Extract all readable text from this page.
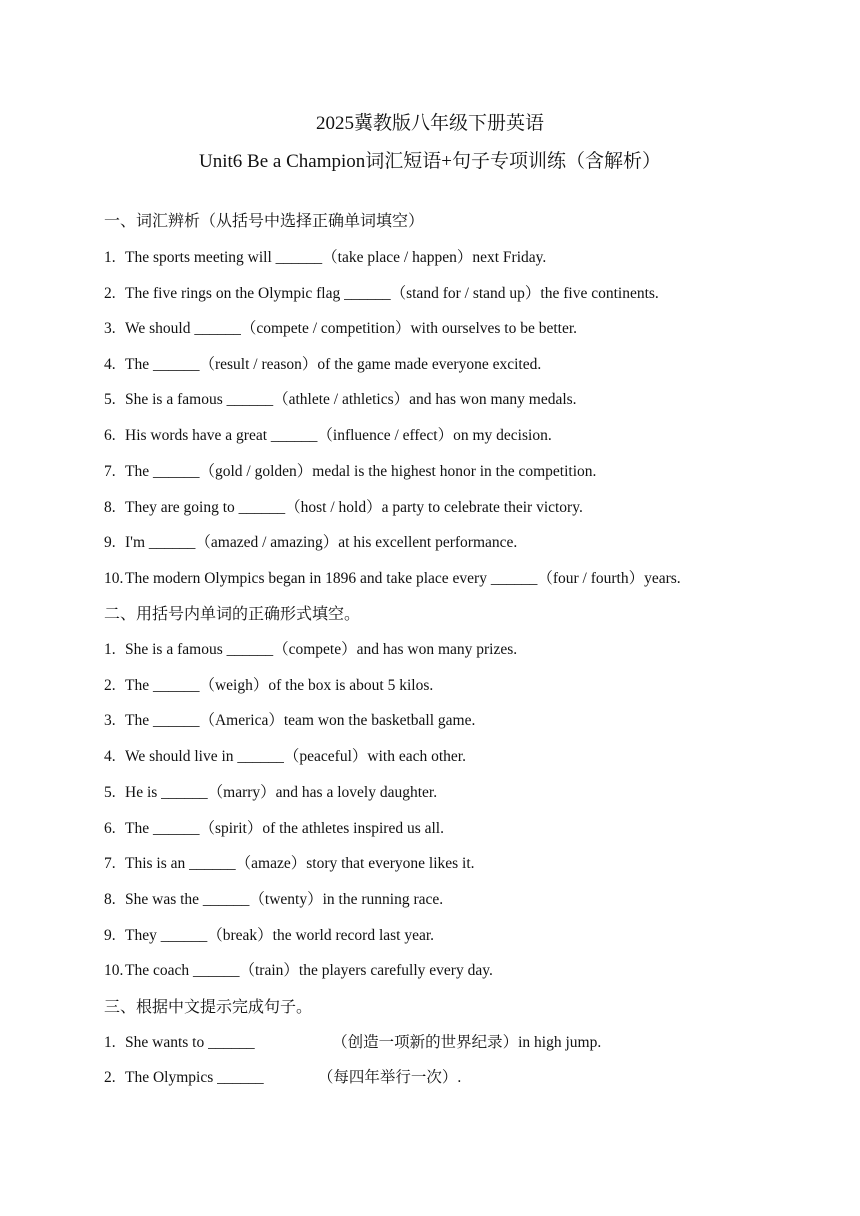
2025冀教版八年级下册英语
Unit6 Be a Champion词汇短语+句子专项训练（含解析）
一、词汇辨析（从括号中选择正确单词填空）
1. The sports meeting will ______（take place / happen）next Friday.
2. The five rings on the Olympic flag ______（stand for / stand up）the five continents.
3. We should ______（compete / competition）with ourselves to be better.
4. The ______（result / reason）of the game made everyone excited.
5. She is a famous ______（athlete / athletics）and has won many medals.
6. His words have a great ______（influence / effect）on my decision.
7. The ______（gold / golden）medal is the highest honor in the competition.
8. They are going to ______（host / hold）a party to celebrate their victory.
9. I'm ______（amazed / amazing）at his excellent performance.
10. The modern Olympics began in 1896 and take place every ______（four / fourth）years.
二、用括号内单词的正确形式填空。
1. She is a famous ______（compete）and has won many prizes.
2. The ______（weigh）of the box is about 5 kilos.
3. The ______（America）team won the basketball game.
4. We should live in ______（peaceful）with each other.
5. He is ______（marry）and has a lovely daughter.
6. The ______（spirit）of the athletes inspired us all.
7. This is an ______（amaze）story that everyone likes it.
8. She was the ______（twenty）in the running race.
9. They ______（break）the world record last year.
10. The coach ______（train）the players carefully every day.
三、根据中文提示完成句子。
1. She wants to ______                    （创造一项新的世界纪录）in high jump.
2. The Olympics ______              （每四年举行一次）.
